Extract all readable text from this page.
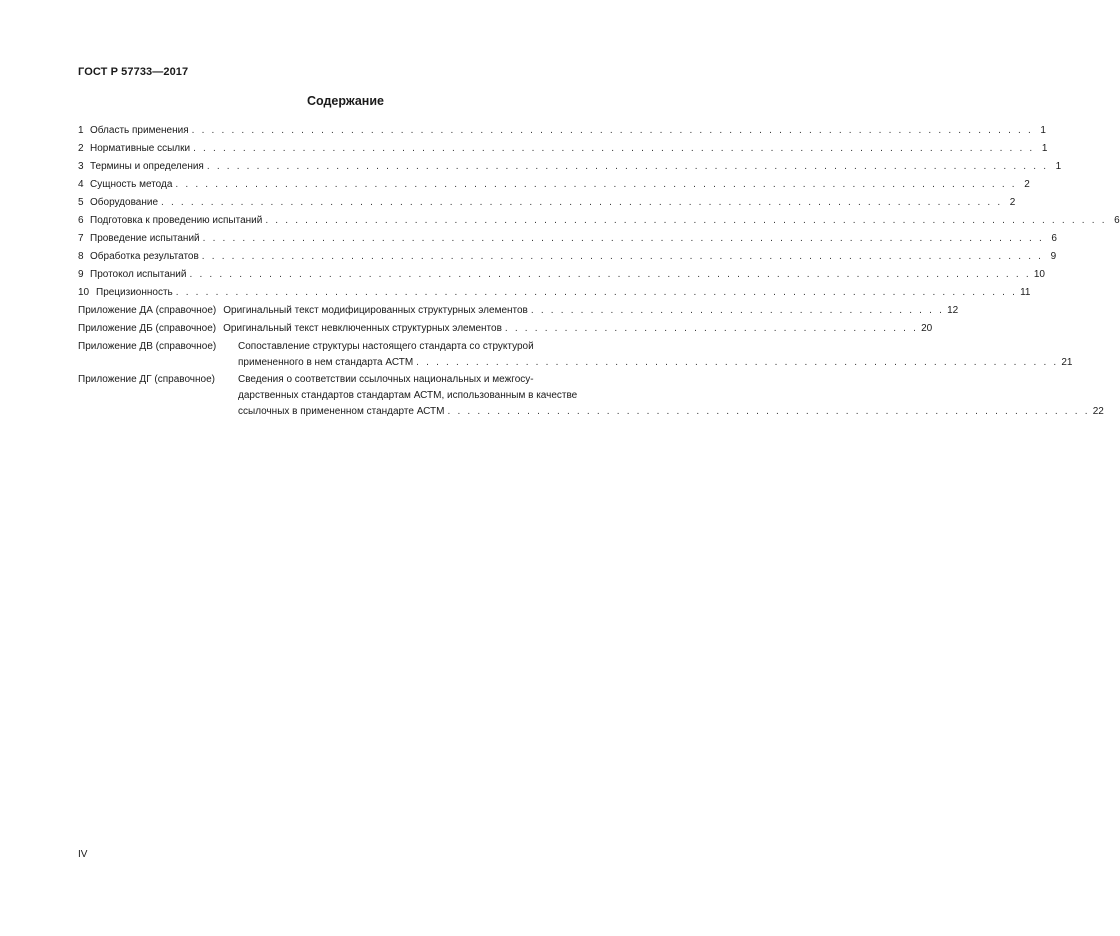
ГОСТ Р 57733—2017
Содержание
1 Область применения . . . . . . . . . . . . . . . . . . . . . . . . . . . . . . . . . . . . . . . . . . . . . . . . . . . . . . . . . . . . . . . . . . . . . . . . . . . . . . . . . . . . . 1
2 Нормативные ссылки . . . . . . . . . . . . . . . . . . . . . . . . . . . . . . . . . . . . . . . . . . . . . . . . . . . . . . . . . . . . . . . . . . . . . . . . . . . . . . . . . . . . . 1
3 Термины и определения . . . . . . . . . . . . . . . . . . . . . . . . . . . . . . . . . . . . . . . . . . . . . . . . . . . . . . . . . . . . . . . . . . . . . . . . . . . . . . . . . . . . . 1
4 Сущность метода . . . . . . . . . . . . . . . . . . . . . . . . . . . . . . . . . . . . . . . . . . . . . . . . . . . . . . . . . . . . . . . . . . . . . . . . . . . . . . . . . . . . . 2
5 Оборудование . . . . . . . . . . . . . . . . . . . . . . . . . . . . . . . . . . . . . . . . . . . . . . . . . . . . . . . . . . . . . . . . . . . . . . . . . . . . . . . . . . . . . 2
6 Подготовка к проведению испытаний . . . . . . . . . . . . . . . . . . . . . . . . . . . . . . . . . . . . . . . . . . . . . . . . . . . . . . . . . . . . . . . . . . . . . . . . . . . . . . . . . . . . . 6
7 Проведение испытаний . . . . . . . . . . . . . . . . . . . . . . . . . . . . . . . . . . . . . . . . . . . . . . . . . . . . . . . . . . . . . . . . . . . . . . . . . . . . . . . . . . . . . 6
8 Обработка результатов . . . . . . . . . . . . . . . . . . . . . . . . . . . . . . . . . . . . . . . . . . . . . . . . . . . . . . . . . . . . . . . . . . . . . . . . . . . . . . . . . . . . . 9
9 Протокол испытаний . . . . . . . . . . . . . . . . . . . . . . . . . . . . . . . . . . . . . . . . . . . . . . . . . . . . . . . . . . . . . . . . . . . . . . . . . . . . . . . . . . . . . 10
10 Прецизионность . . . . . . . . . . . . . . . . . . . . . . . . . . . . . . . . . . . . . . . . . . . . . . . . . . . . . . . . . . . . . . . . . . . . . . . . . . . . . . . . . . . . . 11
Приложение ДА (справочное) Оригинальный текст модифицированных структурных элементов . . . . . . . . . . . . . . . . . . . . . . . . . . . . . . . . . . . . . . . . . . 12
Приложение ДБ (справочное) Оригинальный текст невключенных структурных элементов . . . . . . . . . . . . . . . . . . . . . . . . . . . . . . . . . . . . . . . . . . 20
Приложение ДВ (справочное)	Сопоставление структуры настоящего стандарта со структурой
примененного в нем стандарта АСТМ . . . . . . . . . . . . . . . . . . . . . . . . . . . . . . . . . . . . . . . . . . . . . . . . . . . . . . . . . . . . . . . . . 21
Приложение ДГ (справочное)	Сведения о соответствии ссылочных национальных и межгосу-
дарственных стандартов стандартам АСТМ, использованным в качестве
ссылочных в примененном стандарте АСТМ . . . . . . . . . . . . . . . . . . . . . . . . . . . . . . . . . . . . . . . . . . . . . . . . . . . . . . . . . . . . . . . . . 22
IV
